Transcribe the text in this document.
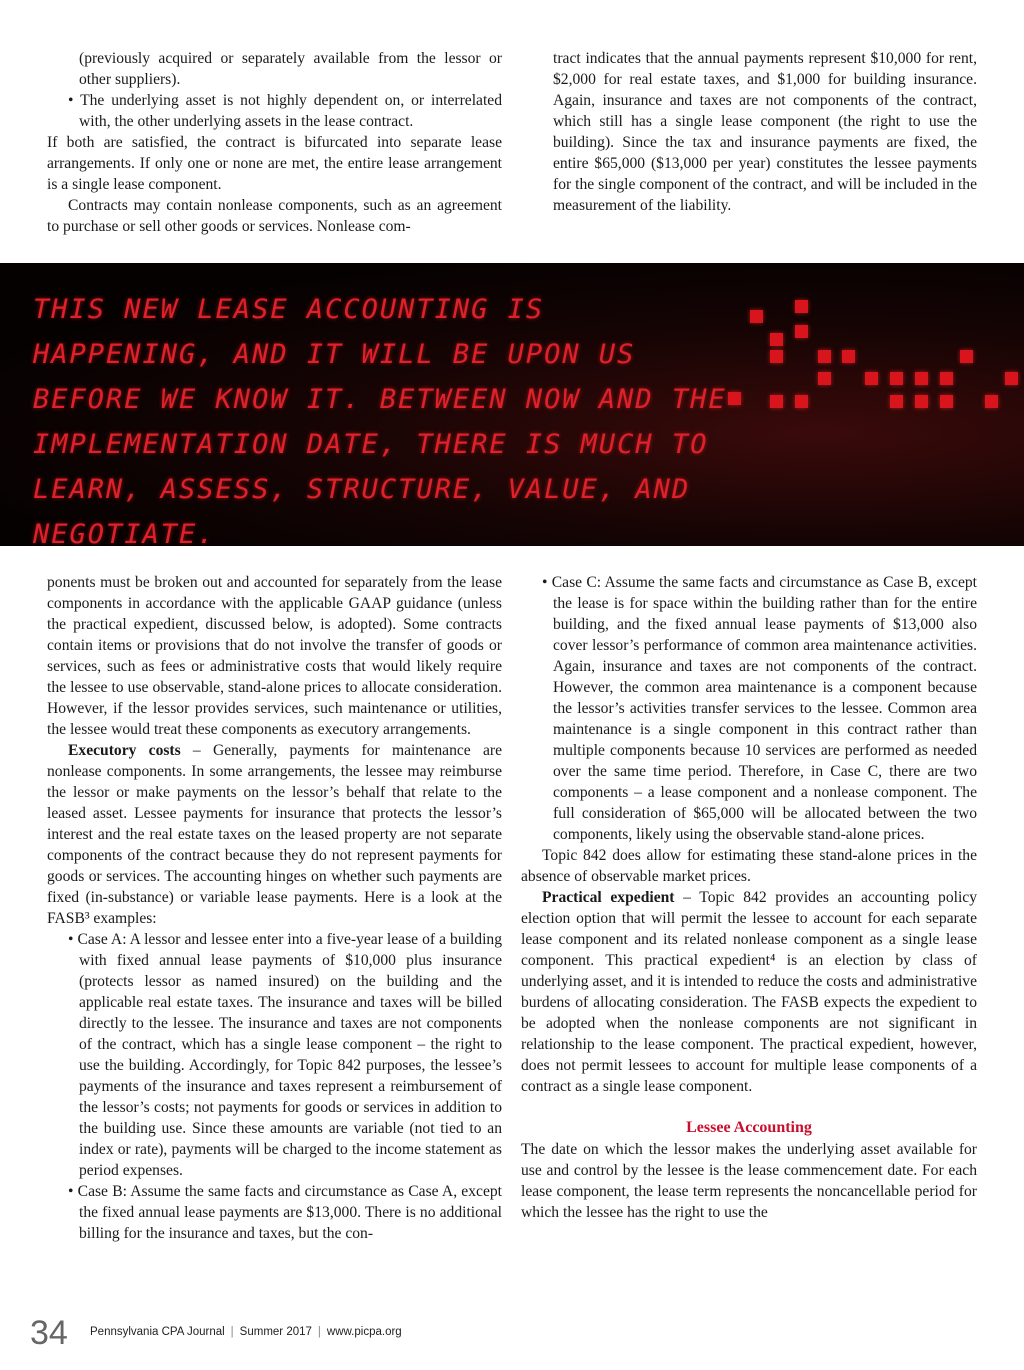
(previously acquired or separately available from the lessor or other suppliers).

• The underlying asset is not highly dependent on, or interrelated with, the other underlying assets in the lease contract.

If both are satisfied, the contract is bifurcated into separate lease arrangements. If only one or none are met, the entire lease arrangement is a single lease component.

Contracts may contain nonlease components, such as an agreement to purchase or sell other goods or services. Nonlease com-

tract indicates that the annual payments represent $10,000 for rent, $2,000 for real estate taxes, and $1,000 for building insurance. Again, insurance and taxes are not components of the contract, which still has a single lease component (the right to use the building). Since the tax and insurance payments are fixed, the entire $65,000 ($13,000 per year) constitutes the lessee payments for the single component of the contract, and will be included in the measurement of the liability.

THIS NEW LEASE ACCOUNTING IS HAPPENING, AND IT WILL BE UPON US BEFORE WE KNOW IT. BETWEEN NOW AND THE IMPLEMENTATION DATE, THERE IS MUCH TO LEARN, ASSESS, STRUCTURE, VALUE, AND NEGOTIATE.

ponents must be broken out and accounted for separately from the lease components in accordance with the applicable GAAP guidance (unless the practical expedient, discussed below, is adopted). Some contracts contain items or provisions that do not involve the transfer of goods or services, such as fees or administrative costs that would likely require the lessee to use observable, stand-alone prices to allocate consideration. However, if the lessor provides services, such maintenance or utilities, the lessee would treat these components as executory arrangements.

Executory costs – Generally, payments for maintenance are nonlease components. In some arrangements, the lessee may reimburse the lessor or make payments on the lessor’s behalf that relate to the leased asset. Lessee payments for insurance that protects the lessor’s interest and the real estate taxes on the leased property are not separate components of the contract because they do not represent payments for goods or services. The accounting hinges on whether such payments are fixed (in-substance) or variable lease payments. Here is a look at the FASB³ examples:

• Case A: A lessor and lessee enter into a five-year lease of a building with fixed annual lease payments of $10,000 plus insurance (protects lessor as named insured) on the building and the applicable real estate taxes. The insurance and taxes will be billed directly to the lessee. The insurance and taxes are not components of the contract, which has a single lease component – the right to use the building. Accordingly, for Topic 842 purposes, the lessee’s payments of the insurance and taxes represent a reimbursement of the lessor’s costs; not payments for goods or services in addition to the building use. Since these amounts are variable (not tied to an index or rate), payments will be charged to the income statement as period expenses.

• Case B: Assume the same facts and circumstance as Case A, except the fixed annual lease payments are $13,000. There is no additional billing for the insurance and taxes, but the con-

• Case C: Assume the same facts and circumstance as Case B, except the lease is for space within the building rather than for the entire building, and the fixed annual lease payments of $13,000 also cover lessor’s performance of common area maintenance activities. Again, insurance and taxes are not components of the contract. However, the common area maintenance is a component because the lessor’s activities transfer services to the lessee. Common area maintenance is a single component in this contract rather than multiple components because 10 services are performed as needed over the same time period. Therefore, in Case C, there are two components – a lease component and a nonlease component. The full consideration of $65,000 will be allocated between the two components, likely using the observable stand-alone prices.

Topic 842 does allow for estimating these stand-alone prices in the absence of observable market prices.

Practical expedient – Topic 842 provides an accounting policy election option that will permit the lessee to account for each separate lease component and its related nonlease component as a single lease component. This practical expedient⁴ is an election by class of underlying asset, and it is intended to reduce the costs and administrative burdens of allocating consideration. The FASB expects the expedient to be adopted when the nonlease components are not significant in relationship to the lease component. The practical expedient, however, does not permit lessees to account for multiple lease components of a contract as a single lease component.

Lessee Accounting

The date on which the lessor makes the underlying asset available for use and control by the lessee is the lease commencement date. For each lease component, the lease term represents the noncancellable period for which the lessee has the right to use the

34 Pennsylvania CPA Journal | Summer 2017 | www.picpa.org
